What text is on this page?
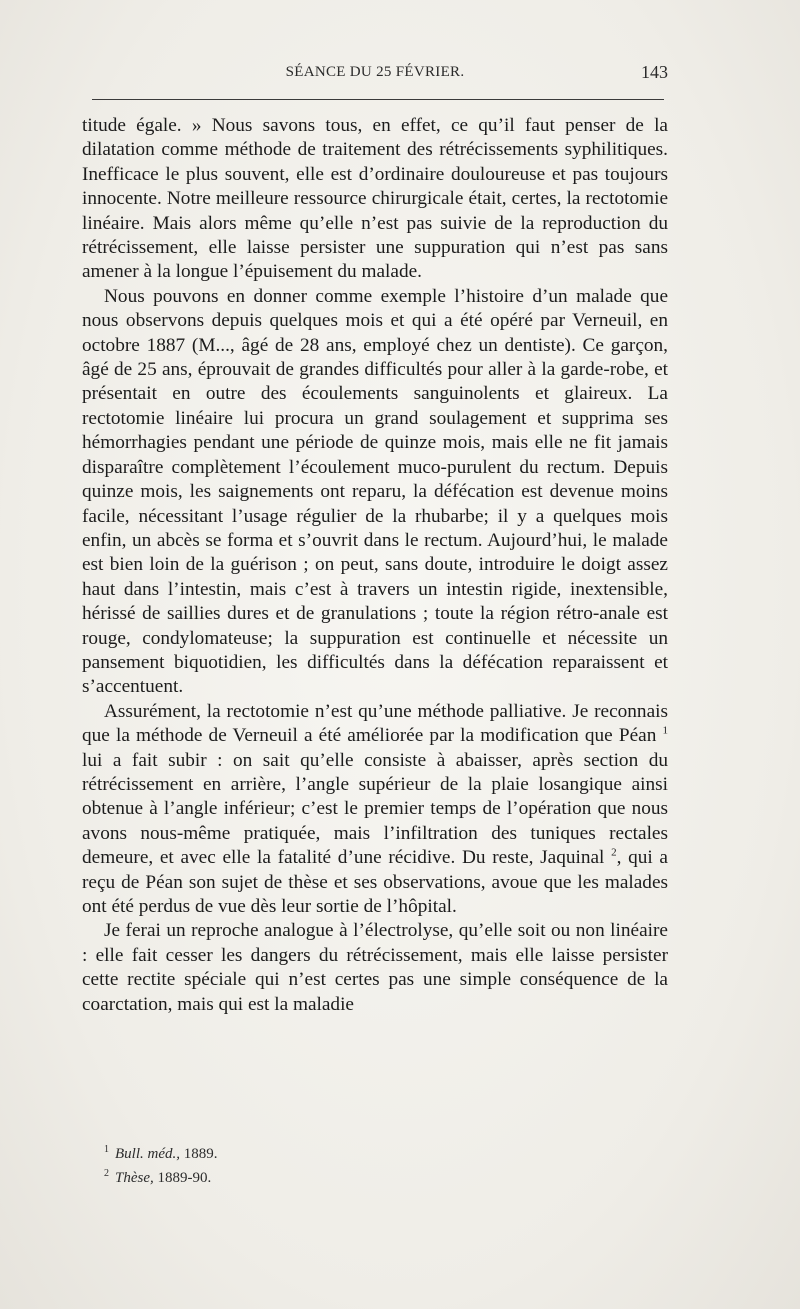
SÉANCE DU 25 FÉVRIER.	143

titude égale. » Nous savons tous, en effet, ce qu’il faut penser de la dilatation comme méthode de traitement des rétrécissements syphilitiques. Inefficace le plus souvent, elle est d’ordinaire douloureuse et pas toujours innocente. Notre meilleure ressource chirurgicale était, certes, la rectotomie linéaire. Mais alors même qu’elle n’est pas suivie de la reproduction du rétrécissement, elle laisse persister une suppuration qui n’est pas sans amener à la longue l’épuisement du malade.

Nous pouvons en donner comme exemple l’histoire d’un malade que nous observons depuis quelques mois et qui a été opéré par Verneuil, en octobre 1887 (M..., âgé de 28 ans, employé chez un dentiste). Ce garçon, âgé de 25 ans, éprouvait de grandes difficultés pour aller à la garde-robe, et présentait en outre des écoulements sanguinolents et glaireux. La rectotomie linéaire lui procura un grand soulagement et supprima ses hémorrhagies pendant une période de quinze mois, mais elle ne fit jamais disparaître complètement l’écoulement muco-purulent du rectum. Depuis quinze mois, les saignements ont reparu, la défécation est devenue moins facile, nécessitant l’usage régulier de la rhubarbe; il y a quelques mois enfin, un abcès se forma et s’ouvrit dans le rectum. Aujourd’hui, le malade est bien loin de la guérison ; on peut, sans doute, introduire le doigt assez haut dans l’intestin, mais c’est à travers un intestin rigide, inextensible, hérissé de saillies dures et de granulations ; toute la région rétro-anale est rouge, condylomateuse; la suppuration est continuelle et nécessite un pansement biquotidien, les difficultés dans la défécation reparaissent et s’accentuent.

Assurément, la rectotomie n’est qu’une méthode palliative. Je reconnais que la méthode de Verneuil a été améliorée par la modification que Péan $^1$ lui a fait subir : on sait qu’elle consiste à abaisser, après section du rétrécissement en arrière, l’angle supérieur de la plaie losangique ainsi obtenue à l’angle inférieur; c’est le premier temps de l’opération que nous avons nous-même pratiquée, mais l’infiltration des tuniques rectales demeure, et avec elle la fatalité d’une récidive. Du reste, Jaquinal $^2$, qui a reçu de Péan son sujet de thèse et ses observations, avoue que les malades ont été perdus de vue dès leur sortie de l’hôpital.

Je ferai un reproche analogue à l’électrolyse, qu’elle soit ou non linéaire : elle fait cesser les dangers du rétrécissement, mais elle laisse persister cette rectite spéciale qui n’est certes pas une simple conséquence de la coarctation, mais qui est la maladie

$^1$ Bull. méd., 1889.

$^2$ Thèse, 1889-90.
